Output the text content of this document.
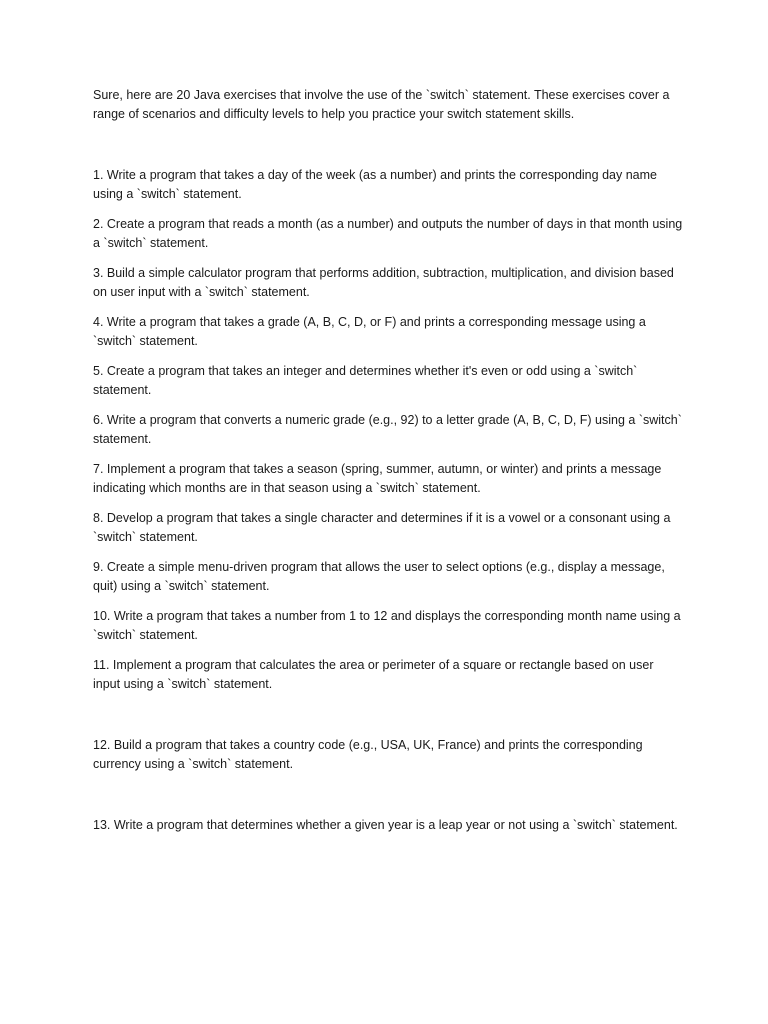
Sure, here are 20 Java exercises that involve the use of the `switch` statement. These exercises cover a range of scenarios and difficulty levels to help you practice your switch statement skills.

1. Write a program that takes a day of the week (as a number) and prints the corresponding day name using a `switch` statement.

2. Create a program that reads a month (as a number) and outputs the number of days in that month using a `switch` statement.

3. Build a simple calculator program that performs addition, subtraction, multiplication, and division based on user input with a `switch` statement.

4. Write a program that takes a grade (A, B, C, D, or F) and prints a corresponding message using a `switch` statement.

5. Create a program that takes an integer and determines whether it's even or odd using a `switch` statement.

6. Write a program that converts a numeric grade (e.g., 92) to a letter grade (A, B, C, D, F) using a `switch` statement.

7. Implement a program that takes a season (spring, summer, autumn, or winter) and prints a message indicating which months are in that season using a `switch` statement.

8. Develop a program that takes a single character and determines if it is a vowel or a consonant using a `switch` statement.

9. Create a simple menu-driven program that allows the user to select options (e.g., display a message, quit) using a `switch` statement.

10. Write a program that takes a number from 1 to 12 and displays the corresponding month name using a `switch` statement.

11. Implement a program that calculates the area or perimeter of a square or rectangle based on user input using a `switch` statement.

12. Build a program that takes a country code (e.g., USA, UK, France) and prints the corresponding currency using a `switch` statement.

13. Write a program that determines whether a given year is a leap year or not using a `switch` statement.
